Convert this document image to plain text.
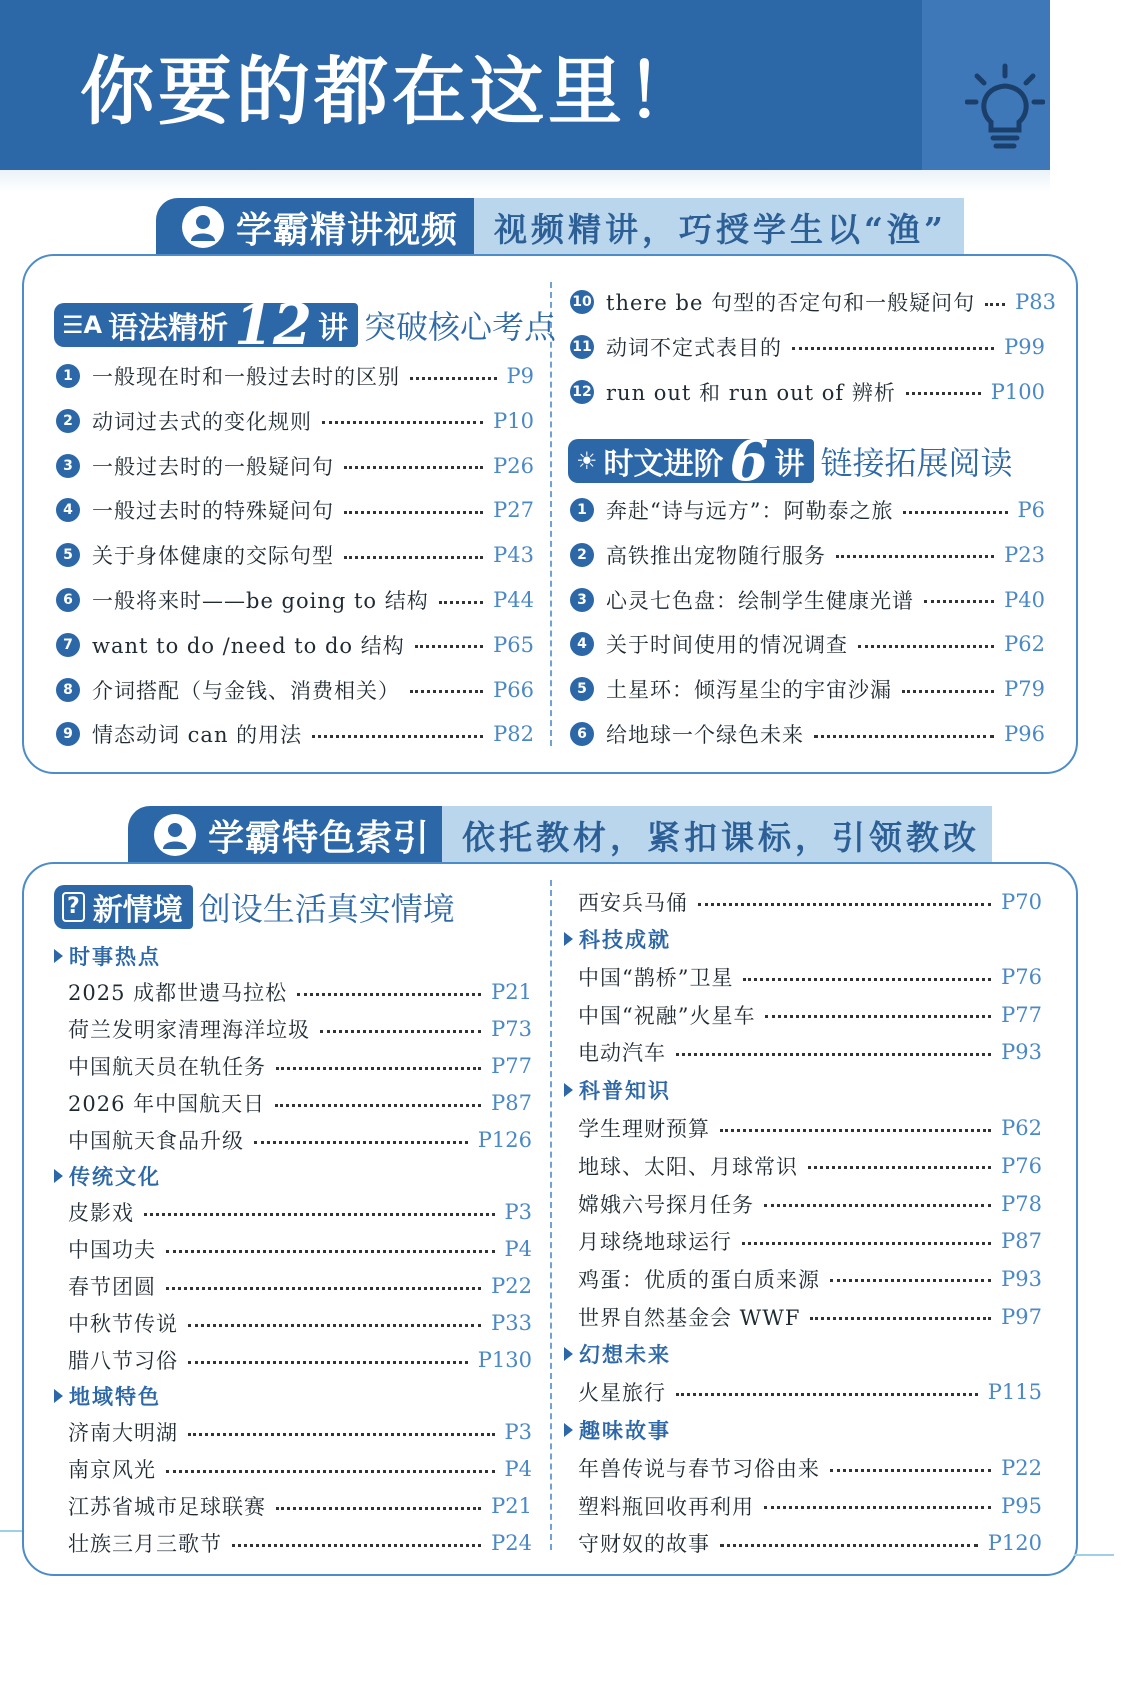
你要的都在这里！
视频精讲，巧授学生以“渔”
学霸精讲视频
☰A 语法精析 12 讲 突破核心考点
☀ 时文进阶 6 讲 链接拓展阅读
1 一般现在时和一般过去时的区别	P9
2 动词过去式的变化规则	P10
3 一般过去时的一般疑问句	P26
4 一般过去时的特殊疑问句	P27
5 关于身体健康的交际句型	P43
6 一般将来时——be going to 结构	P44
7 want to do /need to do 结构	P65
8 介词搭配（与金钱、消费相关）	P66
9 情态动词 can 的用法	P82
10 there be 句型的否定句和一般疑问句 P83
11 动词不定式表目的	P99
12 run out 和 run out of 辨析	P100
1 奔赴“诗与远方”：阿勒泰之旅	P6
2 高铁推出宠物随行服务	P23
3 心灵七色盘：绘制学生健康光谱	P40
4 关于时间使用的情况调查	P62
5 土星环：倾泻星尘的宇宙沙漏	P79
6 给地球一个绿色未来	P96
依托教材，紧扣课标，引领教改
学霸特色索引
? 新情境 创设生活真实情境
时事热点
2025 成都世遗马拉松	P21
荷兰发明家清理海洋垃圾	P73
中国航天员在轨任务	P77
2026 年中国航天日	P87
中国航天食品升级	P126
传统文化
皮影戏	P3
中国功夫	P4
春节团圆	P22
中秋节传说	P33
腊八节习俗	P130
地域特色
济南大明湖	P3
南京风光	P4
江苏省城市足球联赛	P21
壮族三月三歌节	P24
西安兵马俑	P70
科技成就
中国“鹊桥”卫星	P76
中国“祝融”火星车	P77
电动汽车	P93
科普知识
学生理财预算	P62
地球、太阳、月球常识	P76
嫦娥六号探月任务	P78
月球绕地球运行	P87
鸡蛋：优质的蛋白质来源	P93
世界自然基金会 WWF	P97
幻想未来
火星旅行	P115
趣味故事
年兽传说与春节习俗由来	P22
塑料瓶回收再利用	P95
守财奴的故事	P120
